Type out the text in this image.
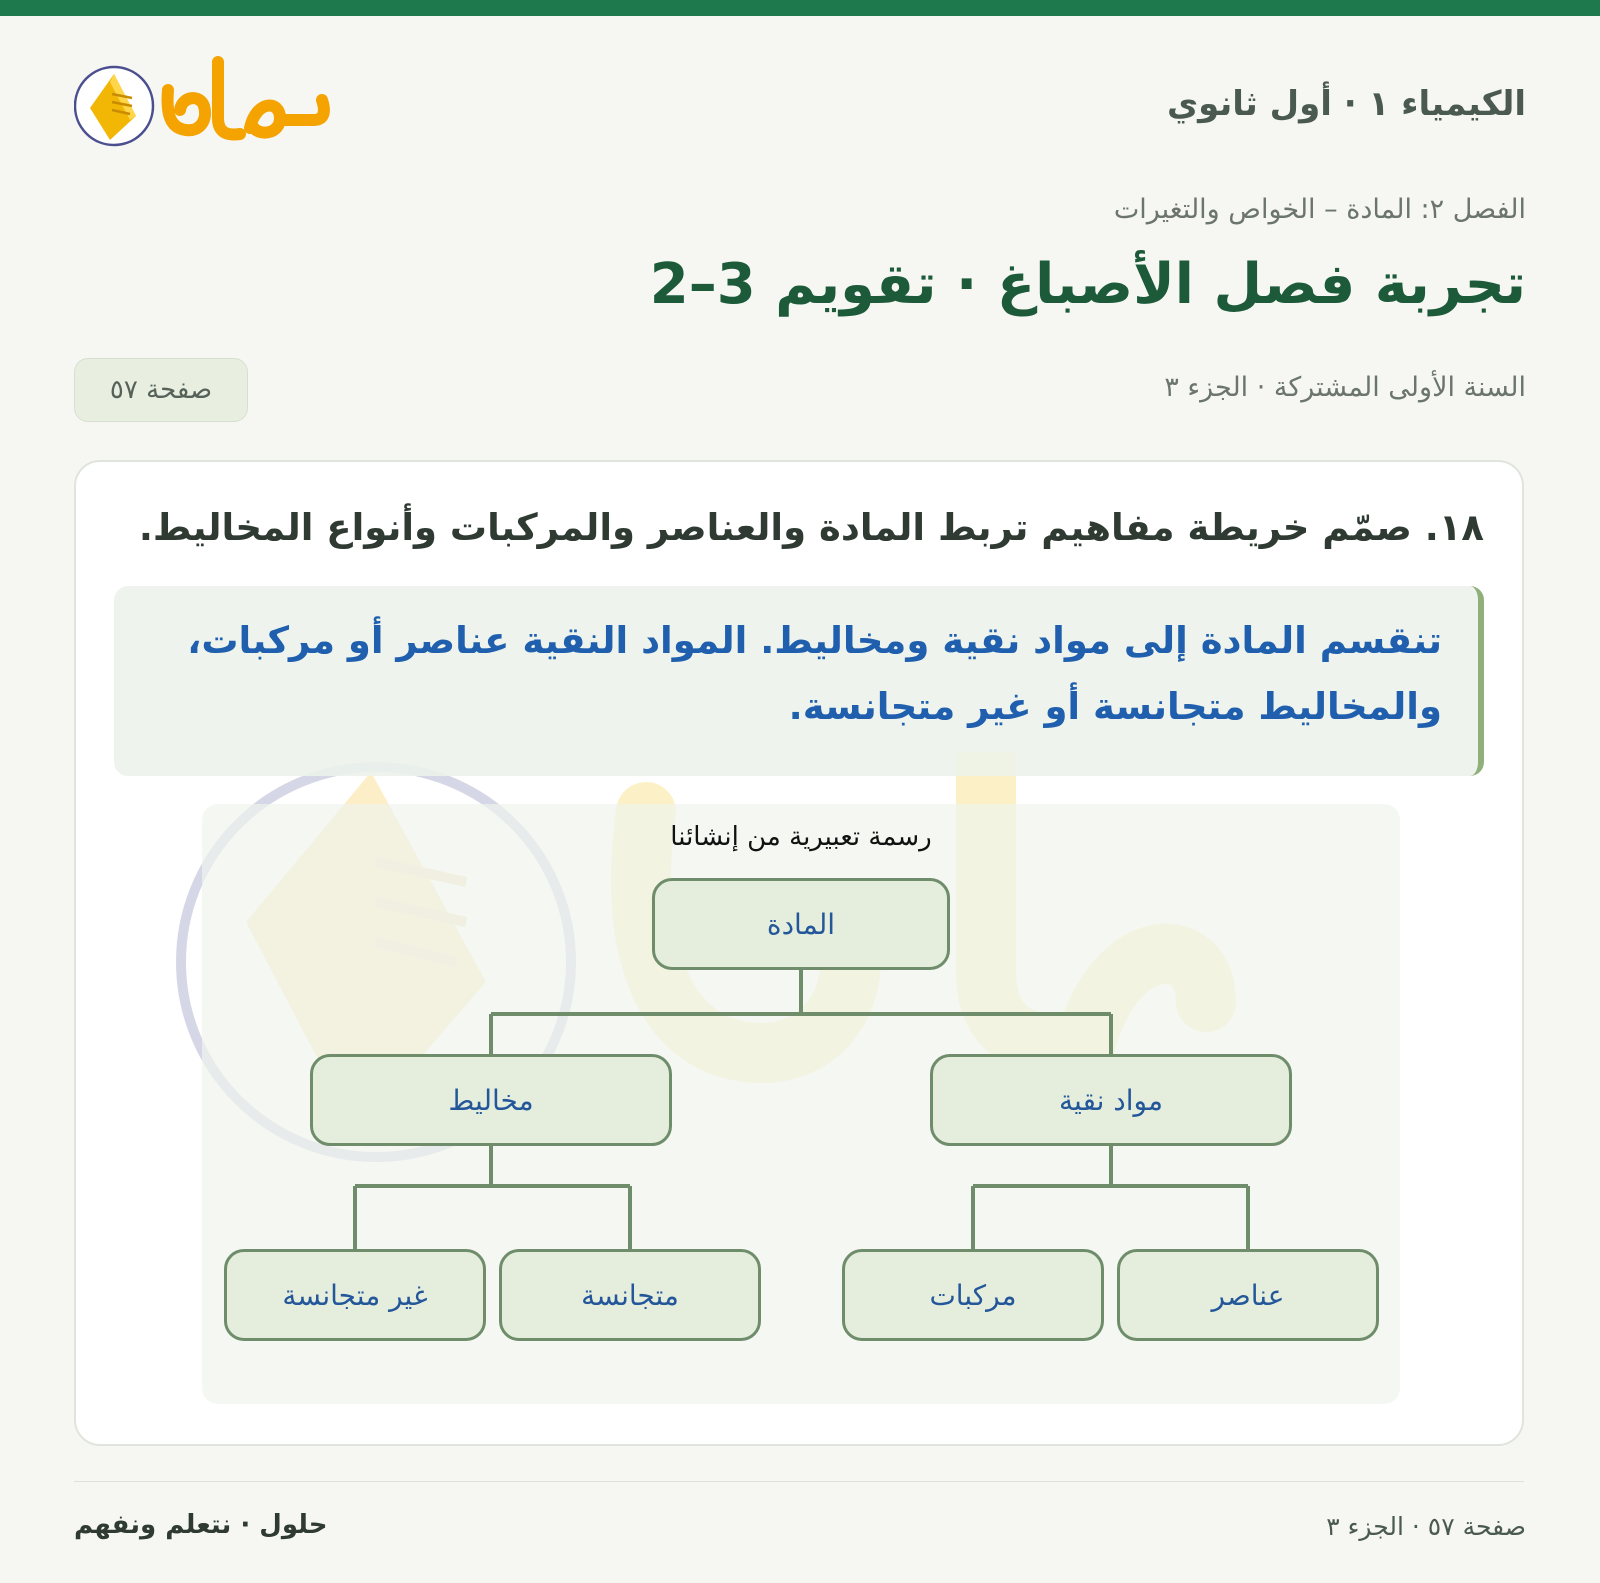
الكيمياء ١ · أول ثانوي
الفصل ٢: المادة – الخواص والتغيرات
تجربة فصل الأصباغ · تقويم 3–2
السنة الأولى المشتركة · الجزء ٣
صفحة ٥٧
١٨. صمّم خريطة مفاهيم تربط المادة والعناصر والمركبات وأنواع المخاليط.
تنقسم المادة إلى مواد نقية ومخاليط. المواد النقية عناصر أو مركبات، والمخاليط متجانسة أو غير متجانسة.
رسمة تعبيرية من إنشائنا
المادة
مخاليط	مواد نقية
غير متجانسة	متجانسة	مركبات	عناصر
حلول · نتعلم ونفهم	صفحة ٥٧ · الجزء ٣
